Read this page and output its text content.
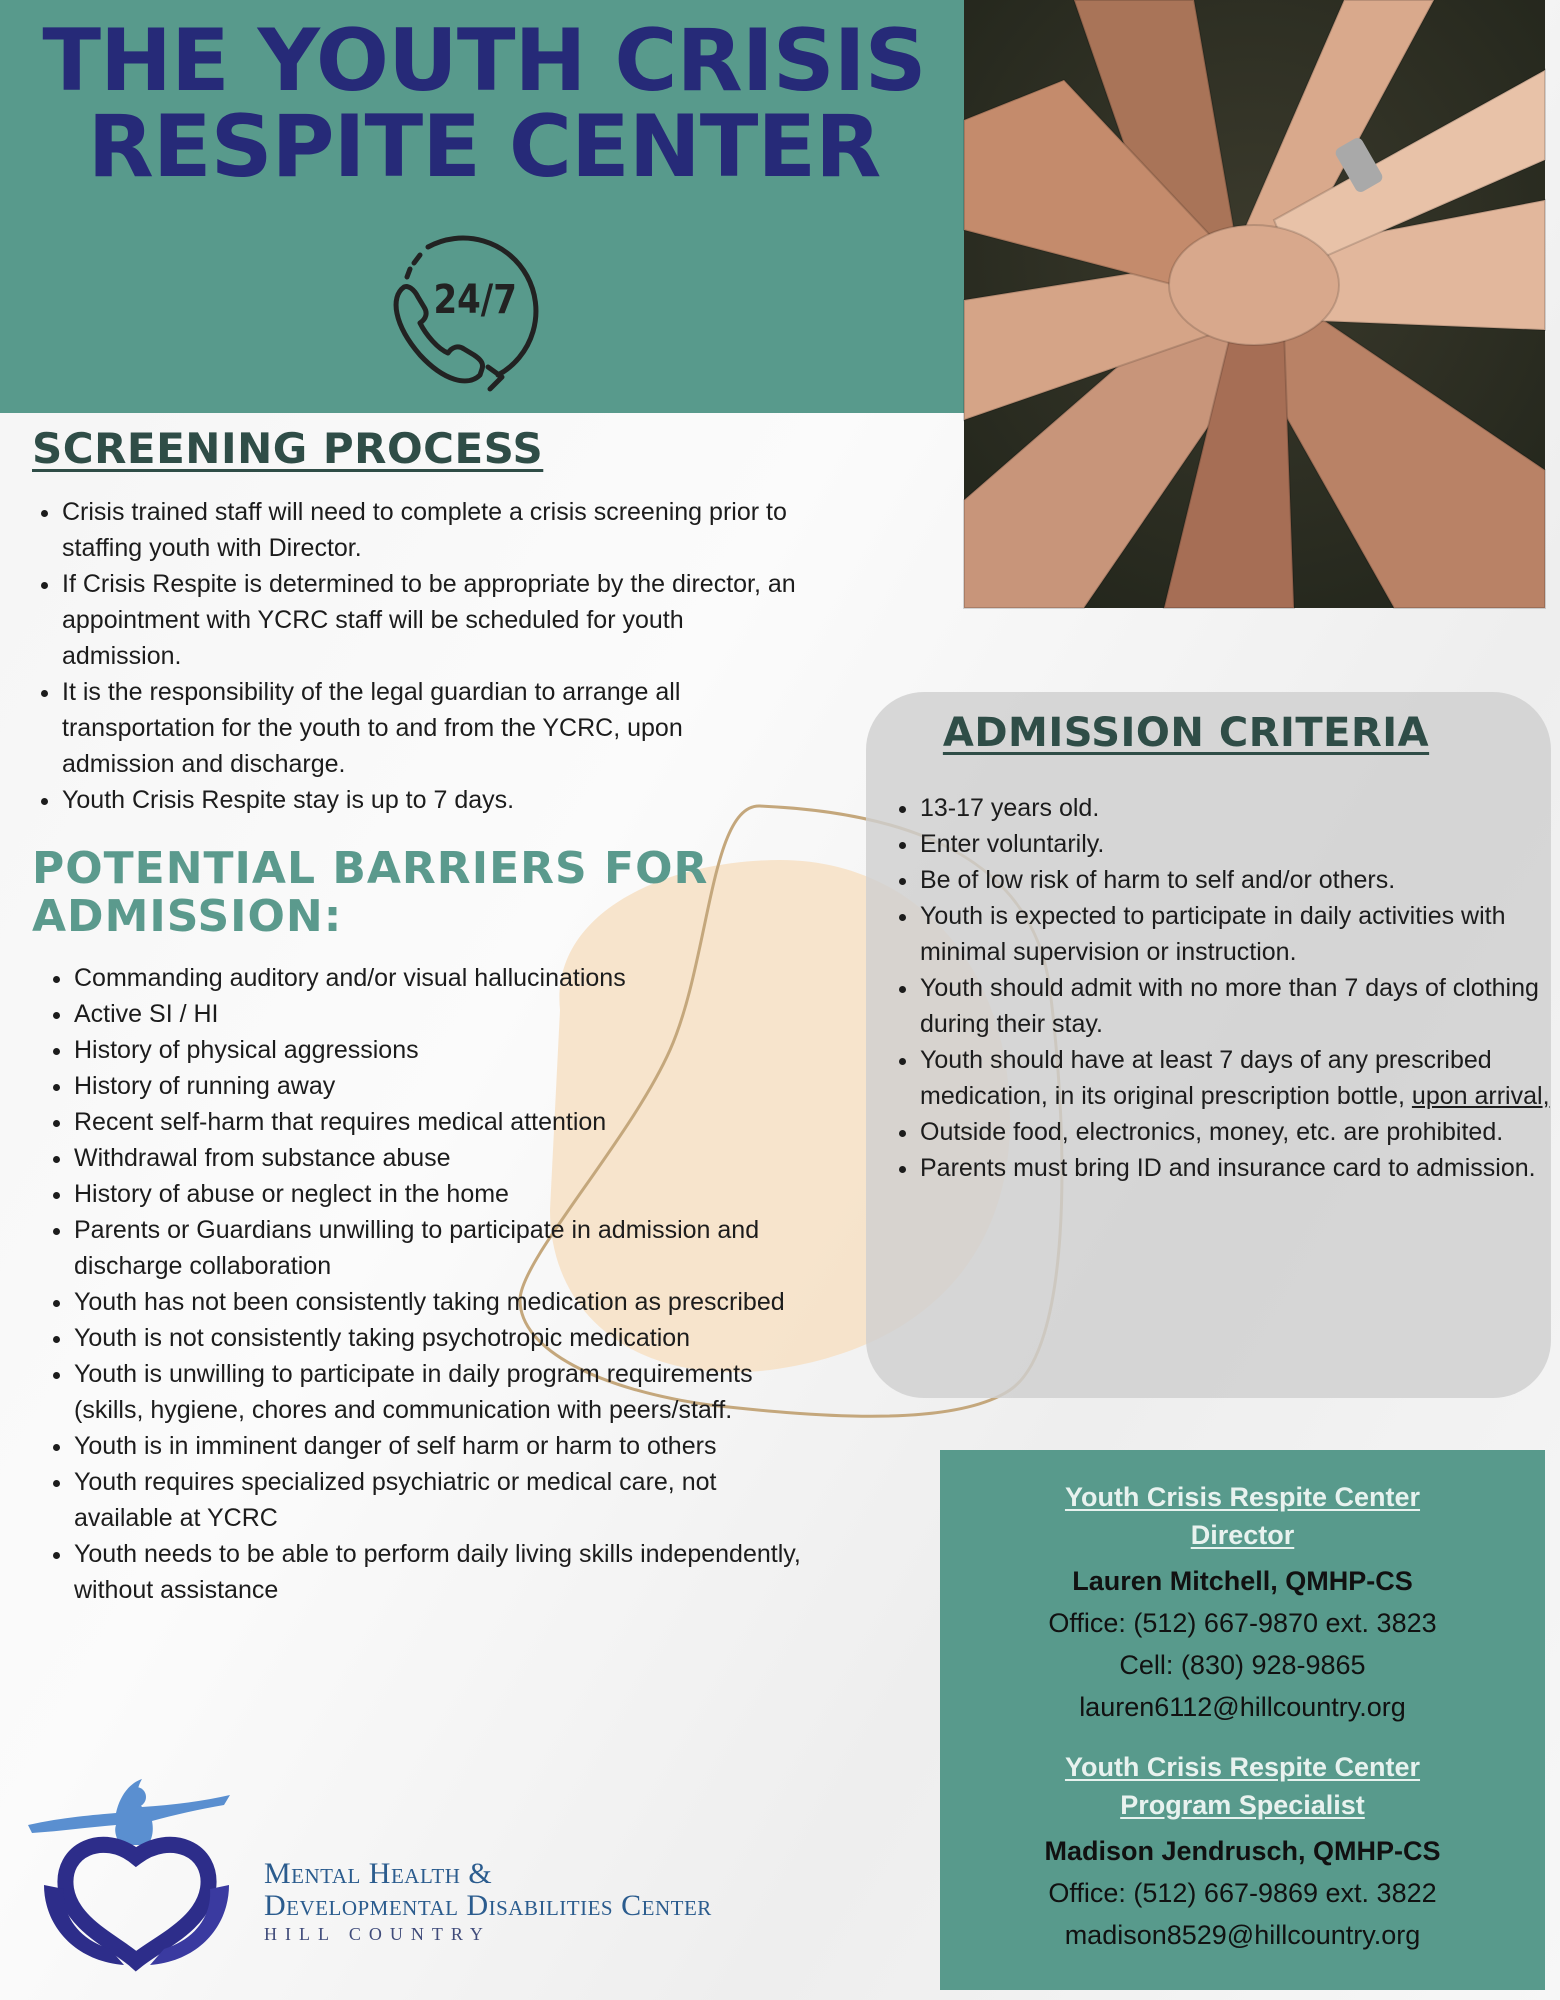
THE YOUTH CRISIS
RESPITE CENTER
24/7
SCREENING PROCESS
• Crisis trained staff will need to complete a crisis screening prior to staffing youth with Director.
• If Crisis Respite is determined to be appropriate by the director, an appointment with YCRC staff will be scheduled for youth admission.
• It is the responsibility of the legal guardian to arrange all transportation for the youth to and from the YCRC, upon admission and discharge.
• Youth Crisis Respite stay is up to 7 days.
POTENTIAL BARRIERS FOR
ADMISSION:
• Commanding auditory and/or visual hallucinations
• Active SI / HI
• History of physical aggressions
• History of running away
• Recent self-harm that requires medical attention
• Withdrawal from substance abuse
• History of abuse or neglect in the home
• Parents or Guardians unwilling to participate in admission and discharge collaboration
• Youth has not been consistently taking medication as prescribed
• Youth is not consistently taking psychotropic medication
• Youth is unwilling to participate in daily program requirements (skills, hygiene, chores and communication with peers/staff.
• Youth is in imminent danger of self harm or harm to others
• Youth requires specialized psychiatric or medical care, not available at YCRC
• Youth needs to be able to perform daily living skills independently, without assistance
ADMISSION CRITERIA
• 13-17 years old.
• Enter voluntarily.
• Be of low risk of harm to self and/or others.
• Youth is expected to participate in daily activities with minimal supervision or instruction.
• Youth should admit with no more than 7 days of clothing during their stay.
• Youth should have at least 7 days of any prescribed medication, in its original prescription bottle, upon arrival,
• Outside food, electronics, money, etc. are prohibited.
• Parents must bring ID and insurance card to admission.

Youth Crisis Respite Center

Director

Lauren Mitchell, QMHP-CS

Office: (512) 667-9870 ext. 3823

Cell: (830) 928-9865

lauren6112@hillcountry.org

Youth Crisis Respite Center

Program Specialist

Madison Jendrusch, QMHP-CS

Office: (512) 667-9869 ext. 3822

madison8529@hillcountry.org

Mental Health &
Developmental Disabilities Center
HILL COUNTRY
